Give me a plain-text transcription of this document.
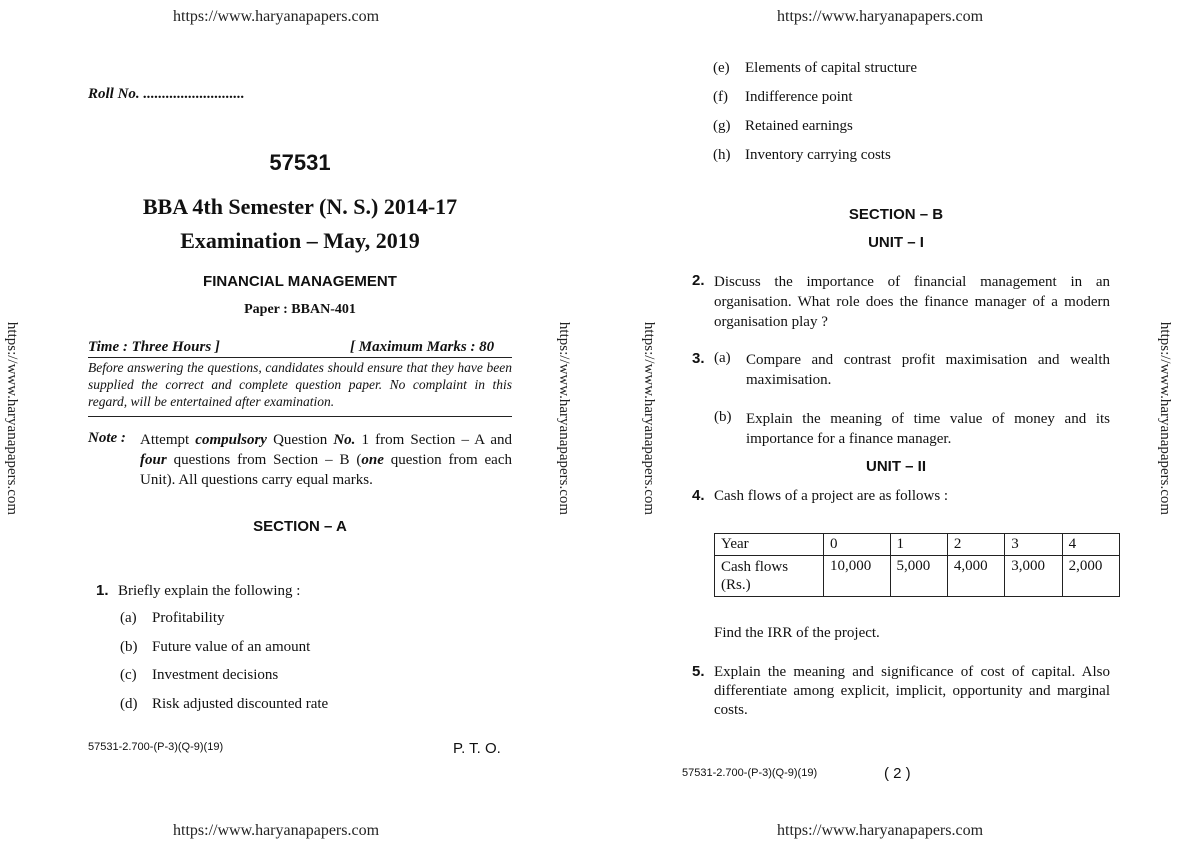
https://www.haryanapapers.com
https://www.haryanapapers.com	https://www.haryanapapers.com
Roll No. ...........................
57531
BBA 4th Semester (N. S.) 2014-17
Examination – May, 2019
FINANCIAL MANAGEMENT
Paper : BBAN-401
Time : Three Hours ]	[ Maximum Marks : 80
Before answering the questions, candidates should ensure that they have been supplied the correct and complete question paper. No complaint in this regard, will be entertained after examination.
Note : Attempt compulsory Question No. 1 from Section – A and four questions from Section – B (one question from each Unit). All questions carry equal marks.
SECTION – A
1. Briefly explain the following :
(a) Profitability
(b) Future value of an amount
(c) Investment decisions
(d) Risk adjusted discounted rate
57531-2.700-(P-3)(Q-9)(19)	P. T. O.
https://www.haryanapapers.com
https://www.haryanapapers.com
https://www.haryanapapers.com	https://www.haryanapapers.com
(e) Elements of capital structure
(f) Indifference point
(g) Retained earnings
(h) Inventory carrying costs
SECTION – B
UNIT – I
2. Discuss the importance of financial management in an organisation. What role does the finance manager of a modern organisation play ?
3. (a) Compare and contrast profit maximisation and wealth maximisation.
(b) Explain the meaning of time value of money and its importance for a finance manager.
UNIT – II
4. Cash flows of a project are as follows :
Year	0	1	2	3	4
Cash flows (Rs.)	10,000	5,000	4,000	3,000	2,000
Find the IRR of the project.
5. Explain the meaning and significance of cost of capital. Also differentiate among explicit, implicit, opportunity and marginal costs.
57531-2.700-(P-3)(Q-9)(19)	( 2 )
https://www.haryanapapers.com
